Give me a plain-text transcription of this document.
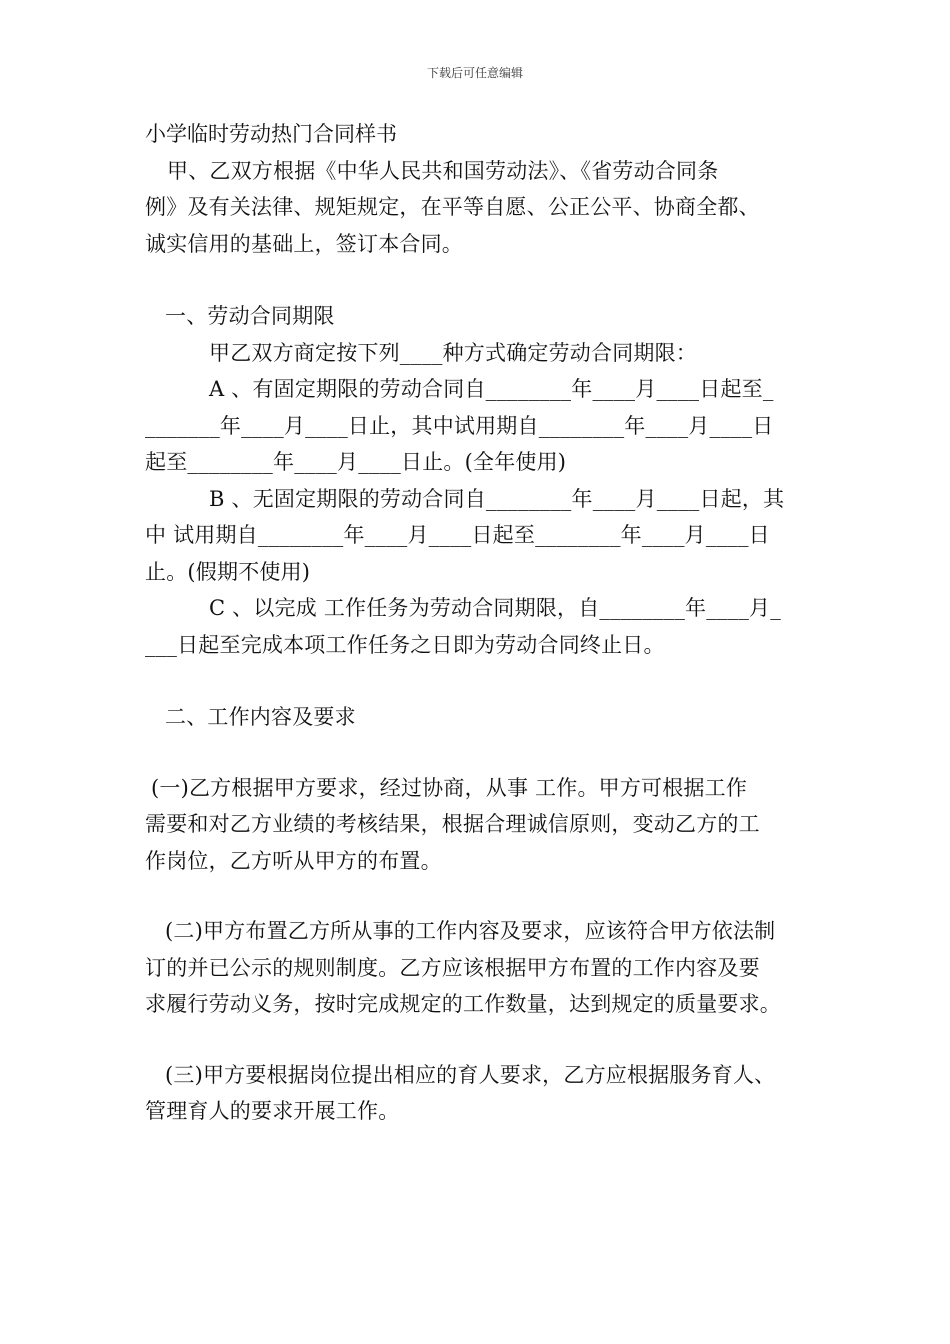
下载后可任意编辑
小学临时劳动热门合同样书
甲、乙双方根据《中华人民共和国劳动法》、《省劳动合同条
例》及有关法律、规矩规定，在平等自愿、公正公平、协商全都、
诚实信用的基础上，签订本合同。
一、劳动合同期限
甲乙双方商定按下列____种方式确定劳动合同期限：
A 、有固定期限的劳动合同自________年____月____日起至_
_______年____月____日止，其中试用期自________年____月____日
起至________年____月____日止。(全年使用)
B 、无固定期限的劳动合同自________年____月____日起，其
中 试用期自________年____月____日起至________年____月____日
止。(假期不使用)
C 、以完成 工作任务为劳动合同期限，自________年____月_
___日起至完成本项工作任务之日即为劳动合同终止日。
二、工作内容及要求
(一)乙方根据甲方要求，经过协商，从事 工作。甲方可根据工作
需要和对乙方业绩的考核结果，根据合理诚信原则，变动乙方的工
作岗位，乙方听从甲方的布置。
(二)甲方布置乙方所从事的工作内容及要求，应该符合甲方依法制
订的并已公示的规则制度。乙方应该根据甲方布置的工作内容及要
求履行劳动义务，按时完成规定的工作数量，达到规定的质量要求。
(三)甲方要根据岗位提出相应的育人要求，乙方应根据服务育人、
管理育人的要求开展工作。
